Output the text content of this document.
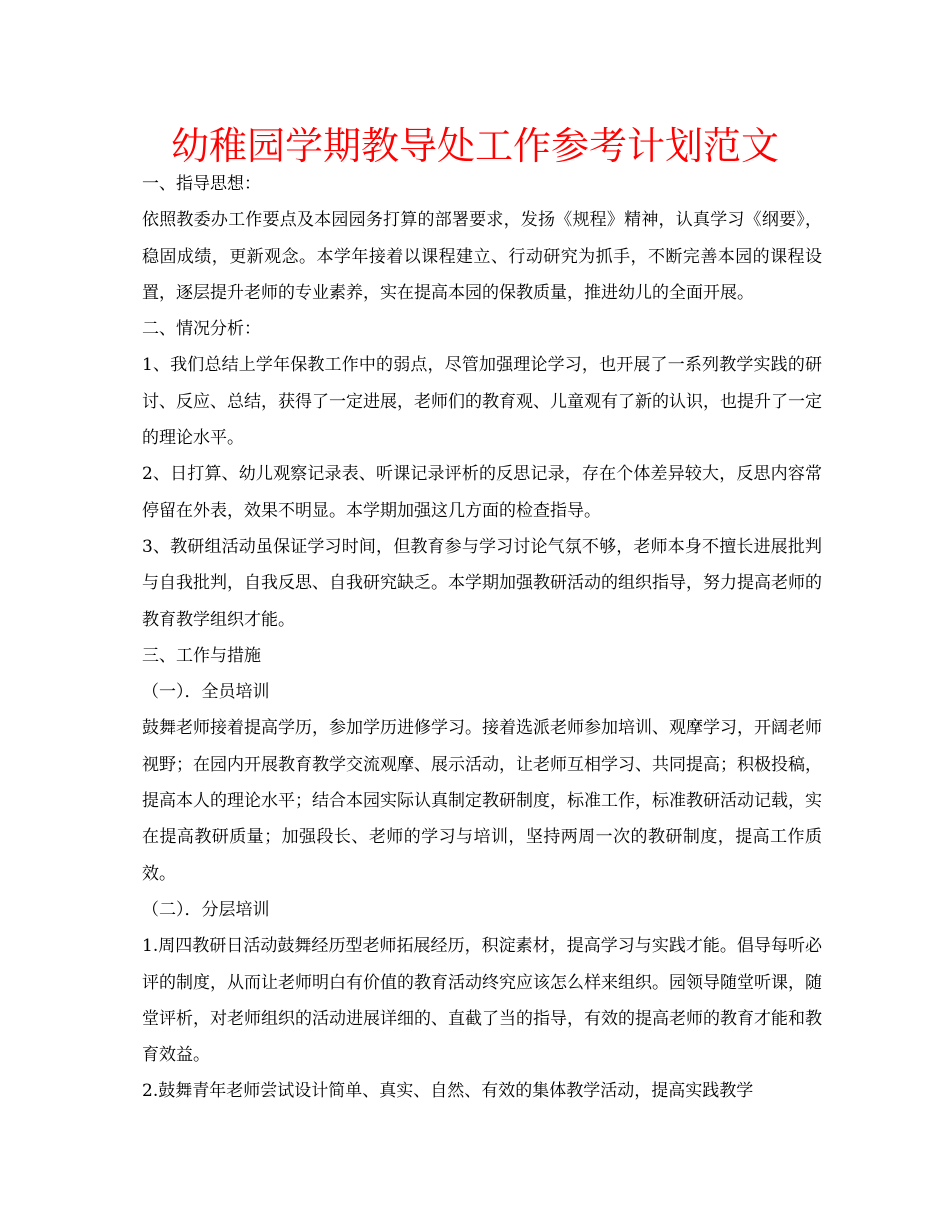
幼稚园学期教导处工作参考计划范文

一、指导思想：

依照教委办工作要点及本园园务打算的部署要求，发扬《规程》精神，认真学习《纲要》，稳固成绩，更新观念。本学年接着以课程建立、行动研究为抓手，不断完善本园的课程设置，逐层提升老师的专业素养，实在提高本园的保教质量，推进幼儿的全面开展。

二、情况分析：

1、我们总结上学年保教工作中的弱点，尽管加强理论学习，也开展了一系列教学实践的研讨、反应、总结，获得了一定进展，老师们的教育观、儿童观有了新的认识，也提升了一定的理论水平。

2、日打算、幼儿观察记录表、听课记录评析的反思记录，存在个体差异较大，反思内容常停留在外表，效果不明显。本学期加强这几方面的检查指导。

3、教研组活动虽保证学习时间，但教育参与学习讨论气氛不够，老师本身不擅长进展批判与自我批判，自我反思、自我研究缺乏。本学期加强教研活动的组织指导，努力提高老师的教育教学组织才能。

三、工作与措施

（一）．全员培训

鼓舞老师接着提高学历，参加学历进修学习。接着选派老师参加培训、观摩学习，开阔老师视野；在园内开展教育教学交流观摩、展示活动，让老师互相学习、共同提高；积极投稿，提高本人的理论水平；结合本园实际认真制定教研制度，标准工作，标准教研活动记载，实在提高教研质量；加强段长、老师的学习与培训，坚持两周一次的教研制度，提高工作质效。

（二）．分层培训

1.周四教研日活动鼓舞经历型老师拓展经历，积淀素材，提高学习与实践才能。倡导每听必评的制度，从而让老师明白有价值的教育活动终究应该怎么样来组织。园领导随堂听课，随堂评析，对老师组织的活动进展详细的、直截了当的指导，有效的提高老师的教育才能和教育效益。

2.鼓舞青年老师尝试设计简单、真实、自然、有效的集体教学活动，提高实践教学
